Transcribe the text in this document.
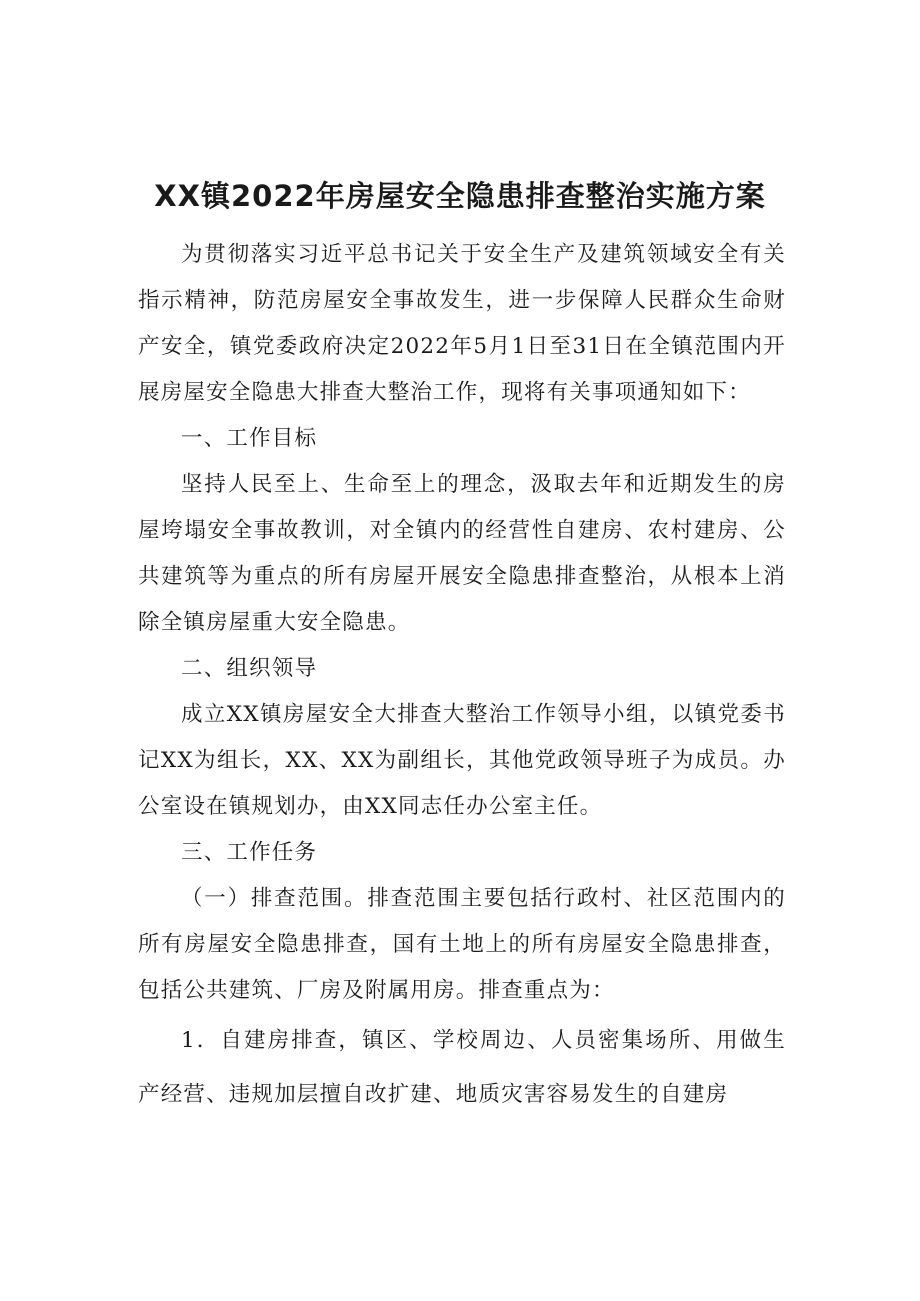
XX镇2022年房屋安全隐患排查整治实施方案

为贯彻落实习近平总书记关于安全生产及建筑领域安全有关指示精神，防范房屋安全事故发生，进一步保障人民群众生命财产安全，镇党委政府决定2022年5月1日至31日在全镇范围内开展房屋安全隐患大排查大整治工作，现将有关事项通知如下：

一、工作目标

坚持人民至上、生命至上的理念，汲取去年和近期发生的房屋垮塌安全事故教训，对全镇内的经营性自建房、农村建房、公共建筑等为重点的所有房屋开展安全隐患排查整治，从根本上消除全镇房屋重大安全隐患。

二、组织领导

成立XX镇房屋安全大排查大整治工作领导小组，以镇党委书记XX为组长，XX、XX为副组长，其他党政领导班子为成员。办公室设在镇规划办，由XX同志任办公室主任。

三、工作任务

（一）排查范围。排查范围主要包括行政村、社区范围内的所有房屋安全隐患排查，国有土地上的所有房屋安全隐患排查，包括公共建筑、厂房及附属用房。排查重点为：

1．自建房排查，镇区、学校周边、人员密集场所、用做生产经营、违规加层擅自改扩建、地质灾害容易发生的自建房
